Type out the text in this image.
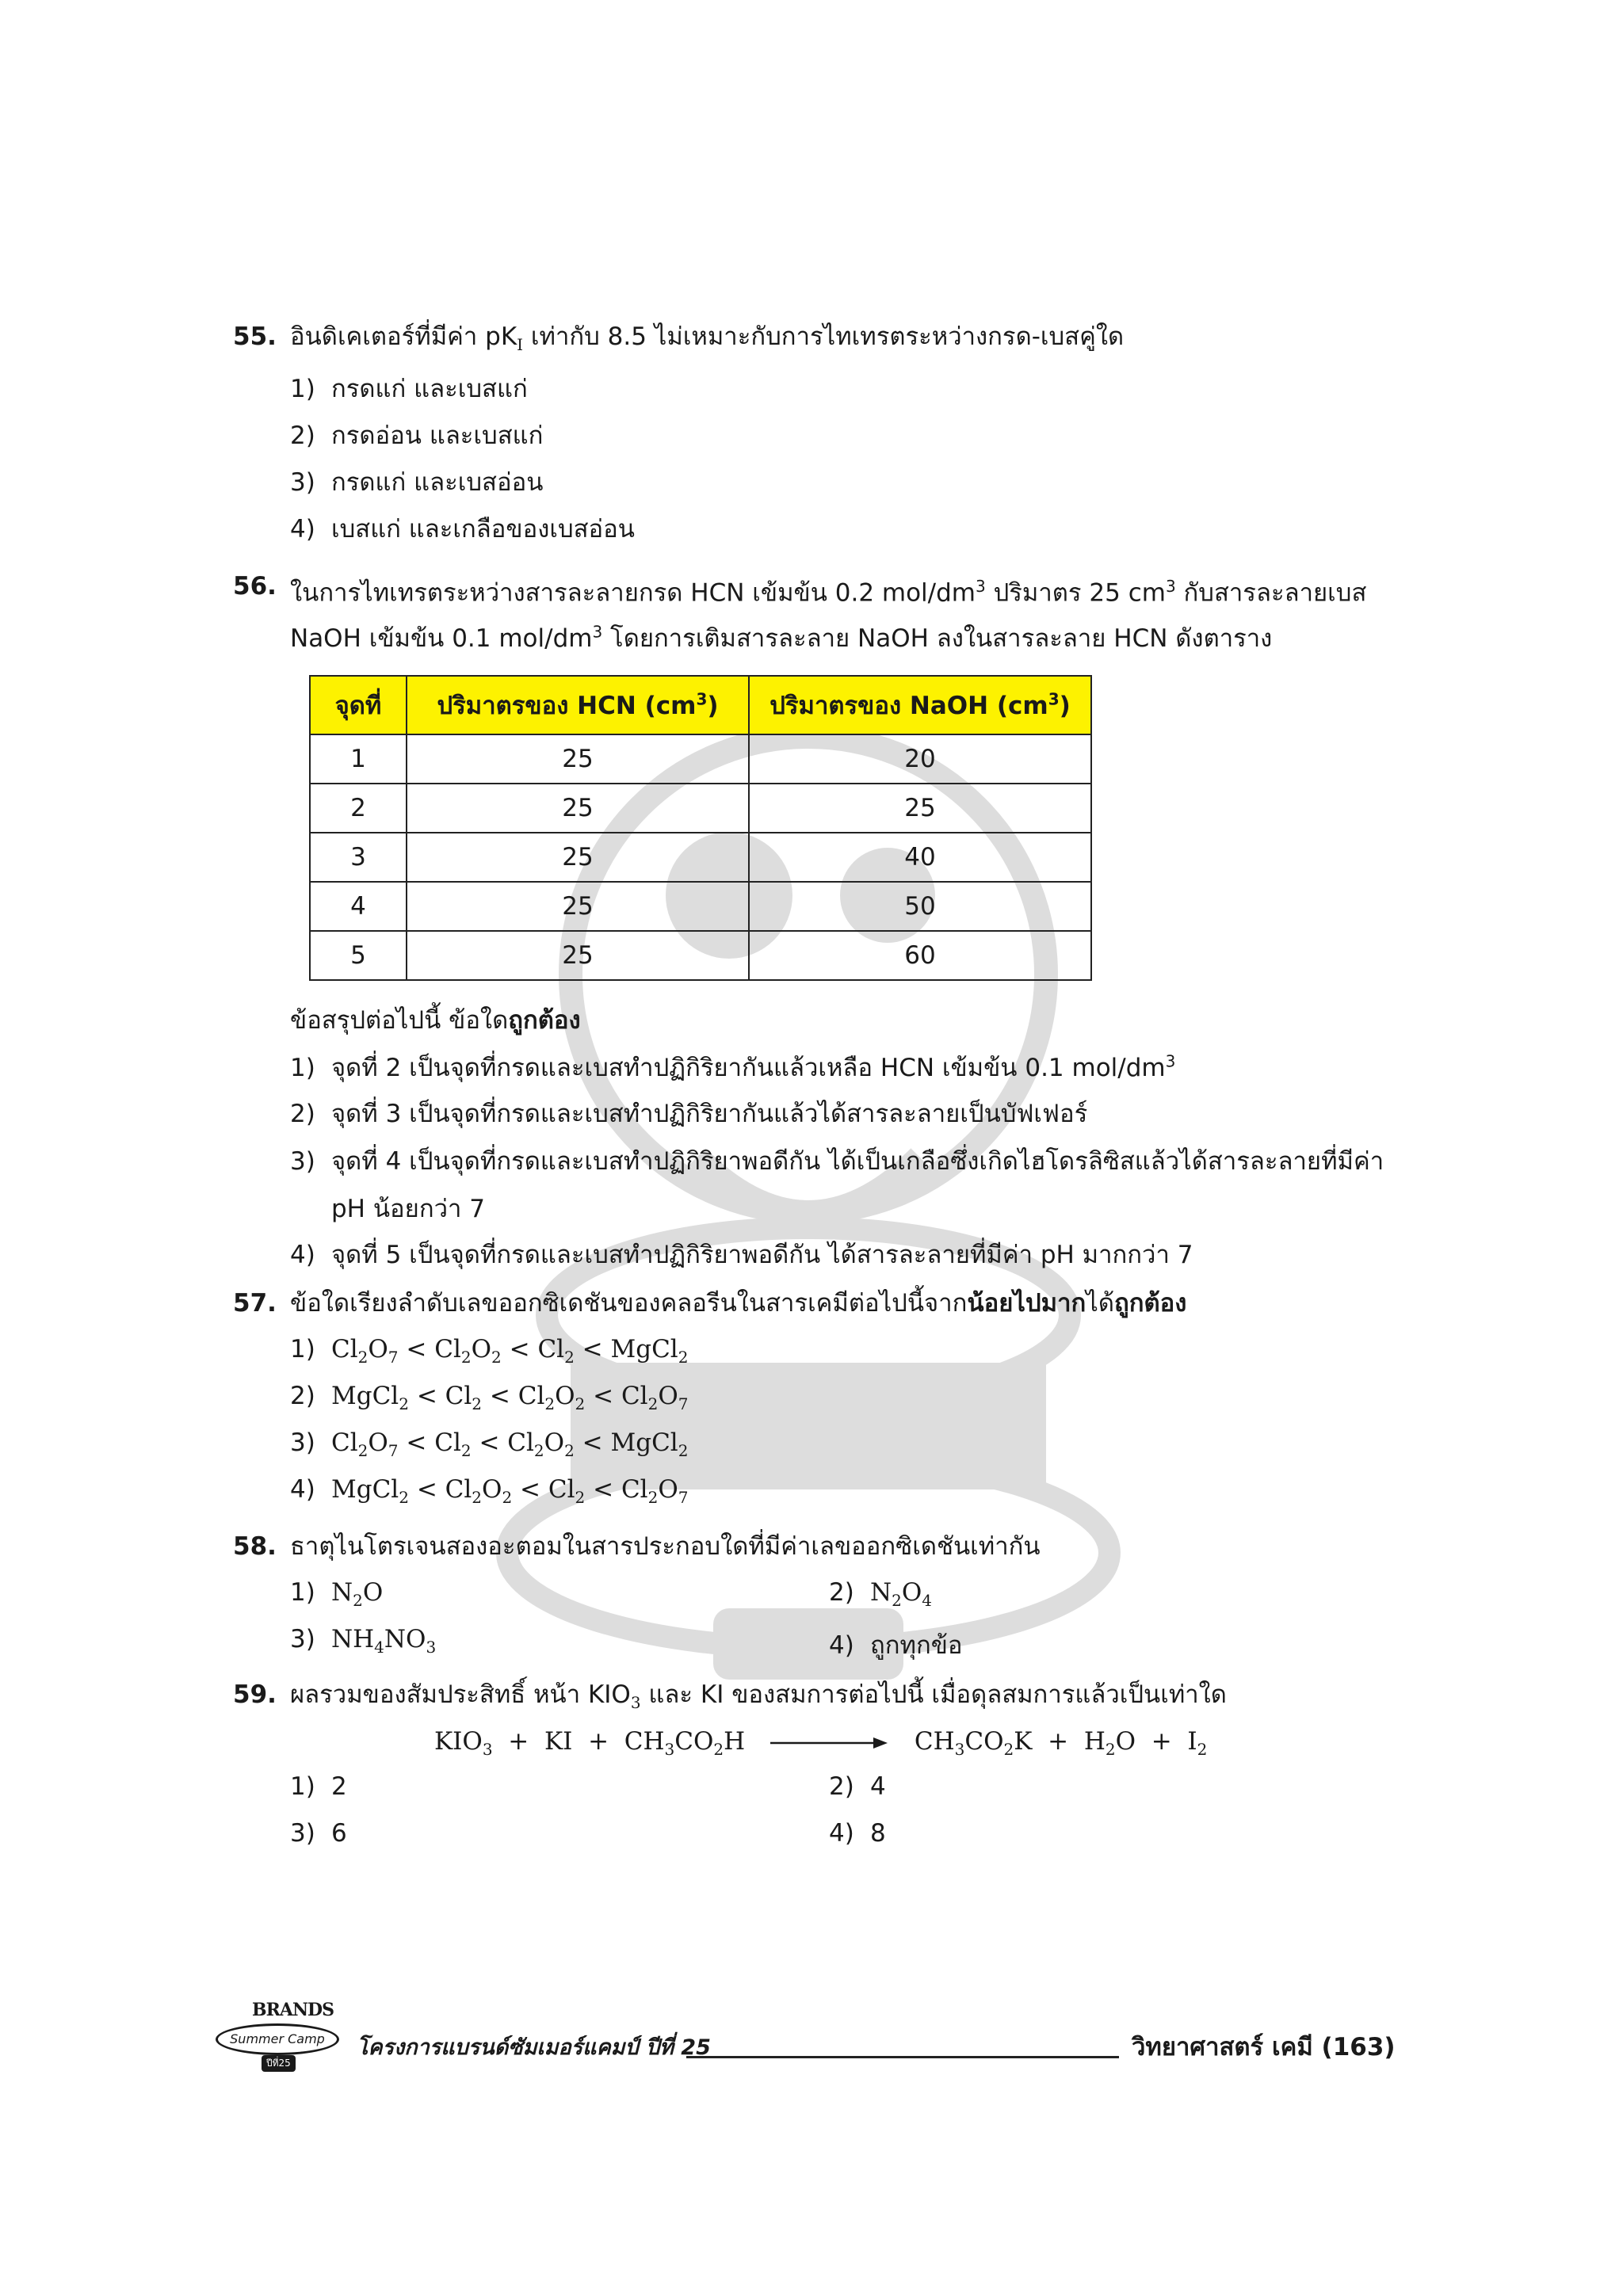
55. อินดิเคเตอร์ที่มีค่า $pK_I$ เท่ากับ 8.5 ไม่เหมาะกับการไทเทรตระหว่างกรด-เบสคู่ใด
1) กรดแก่ และเบสแก่
2) กรดอ่อน และเบสแก่
3) กรดแก่ และเบสอ่อน
4) เบสแก่ และเกลือของเบสอ่อน
56. ในการไทเทรตระหว่างสารละลายกรด HCN เข้มข้น 0.2 mol/$dm^3$ ปริมาตร 25 $cm^3$ กับสารละลายเบส
NaOH เข้มข้น 0.1 mol/$dm^3$ โดยการเติมสารละลาย NaOH ลงในสารละลาย HCN ดังตาราง
จุดที่	ปริมาตรของ HCN $(cm^3)$	ปริมาตรของ NaOH $(cm^3)$
1	25	20
2	25	25
3	25	40
4	25	50
5	25	60
ข้อสรุปต่อไปนี้ ข้อใดถูกต้อง
1) จุดที่ 2 เป็นจุดที่กรดและเบสทำปฏิกิริยากันแล้วเหลือ HCN เข้มข้น 0.1 mol/$dm^3$
2) จุดที่ 3 เป็นจุดที่กรดและเบสทำปฏิกิริยากันแล้วได้สารละลายเป็นบัฟเฟอร์
3) จุดที่ 4 เป็นจุดที่กรดและเบสทำปฏิกิริยาพอดีกัน ได้เป็นเกลือซึ่งเกิดไฮโดรลิซิสแล้วได้สารละลายที่มีค่า
pH น้อยกว่า 7
4) จุดที่ 5 เป็นจุดที่กรดและเบสทำปฏิกิริยาพอดีกัน ได้สารละลายที่มีค่า pH มากกว่า 7
57. ข้อใดเรียงลำดับเลขออกซิเดชันของคลอรีนในสารเคมีต่อไปนี้จากน้อยไปมากได้ถูกต้อง
1) $Cl_2O_7 < Cl_2O_2 < Cl_2$ < MgCl$_2$
2) MgCl$_2$ < $Cl_2 < Cl_2O_2 < Cl_2O_7$
3) $Cl_2O_7 < Cl_2 < Cl_2O_2$ < MgCl$_2$
4) MgCl$_2$ < $Cl_2O_2 < Cl_2 < Cl_2O_7$
58. ธาตุไนโตรเจนสองอะตอมในสารประกอบใดที่มีค่าเลขออกซิเดชันเท่ากัน
1) $N_2O$	2) $N_2O_4$
3) $NH_4NO_3$	4) ถูกทุกข้อ
59. ผลรวมของสัมประสิทธิ์ หน้า $KIO_3$ และ KI ของสมการต่อไปนี้ เมื่อดุลสมการแล้วเป็นเท่าใด
$KIO_3$  +  KI  +  $CH_3CO_2H$	$CH_3CO_2K + H_2O + I_2$
1) 2	2) 4
3) 6	4) 8
BRANDS
Summer Camp
ปีที่25
โครงการแบรนด์ซัมเมอร์แคมป์ ปีที่ 25	วิทยาศาสตร์ เคมี (163)
